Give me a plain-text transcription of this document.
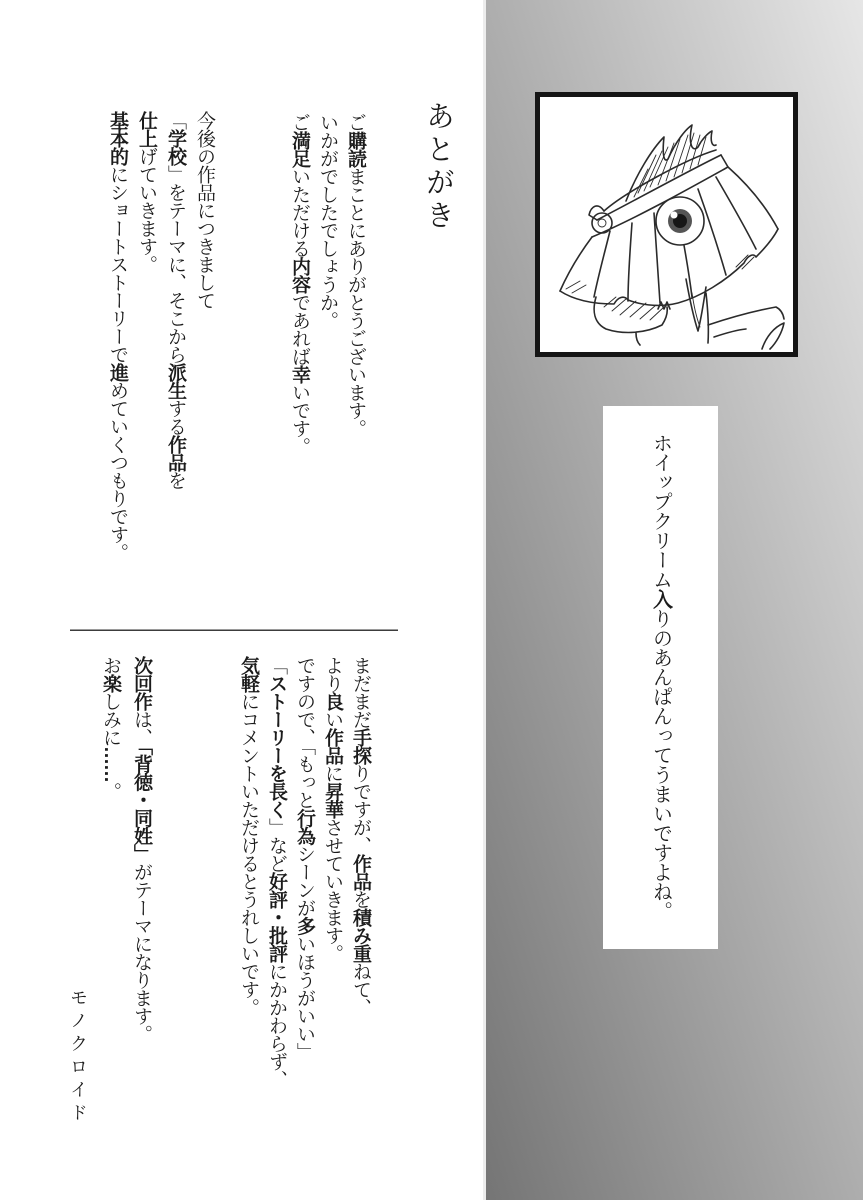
ホイップクリーム入りのあんぱんってうまいですよね。
あとがき
ご購読まことにありがとうございます。
いかがでしたでしょうか。
ご満足いただける内容であれば幸いです。
今後の作品につきまして
「学校」をテーマに、そこから派生する作品を
仕上げていきます。
基本的にショートストーリーで進めていくつもりです。
まだまだ手探りですが、作品を積み重ねて、
より良い作品に昇華させていきます。
ですので、「もっと行為シーンが多いほうがいい」
「ストーリーを長く」など好評・批評にかかわらず、
気軽にコメントいただけるとうれしいです。
次回作は、「背徳・同姓」がテーマになります。
お楽しみに……。
モノクロイド
